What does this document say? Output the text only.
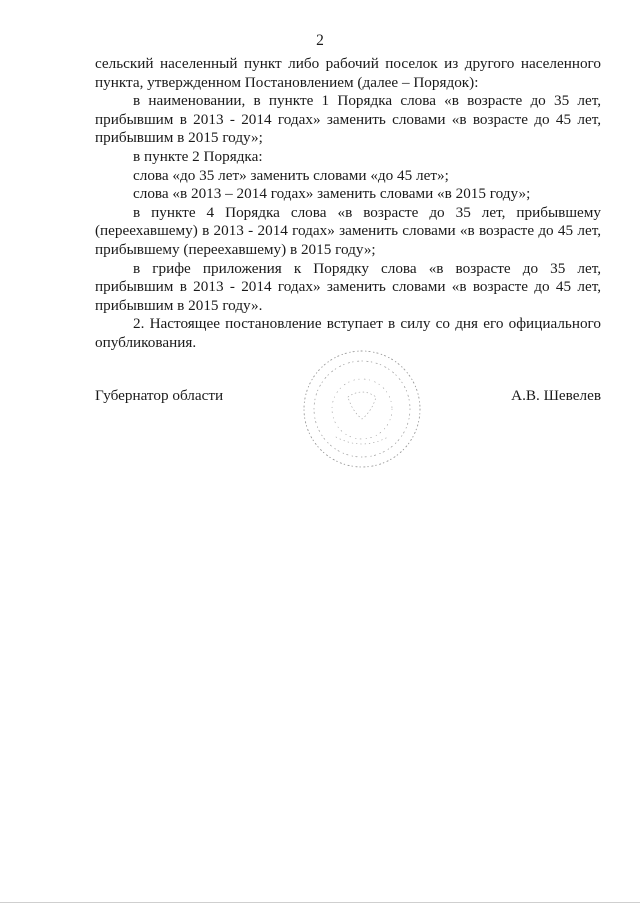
2
сельский населенный пункт либо рабочий поселок из другого населенного
пункта, утвержденном Постановлением (далее – Порядок):
в наименовании, в пункте 1 Порядка слова «в возрасте до 35 лет,
прибывшим в 2013 - 2014 годах» заменить словами «в возрасте до 45 лет,
прибывшим в 2015 году»;
в пункте 2 Порядка:
слова «до 35 лет» заменить словами «до 45 лет»;
слова «в 2013 – 2014 годах» заменить словами «в 2015 году»;
в пункте 4 Порядка слова «в возрасте до 35 лет, прибывшему
(переехавшему) в 2013 - 2014 годах» заменить словами «в возрасте до 45 лет,
прибывшему (переехавшему) в 2015 году»;
в грифе приложения к Порядку слова «в возрасте до 35 лет,
прибывшим в 2013 - 2014 годах» заменить словами «в возрасте до 45 лет,
прибывшим в 2015 году».
2. Настоящее постановление вступает в силу со дня его официального
опубликования.
Губернатор области	А.В. Шевелев
